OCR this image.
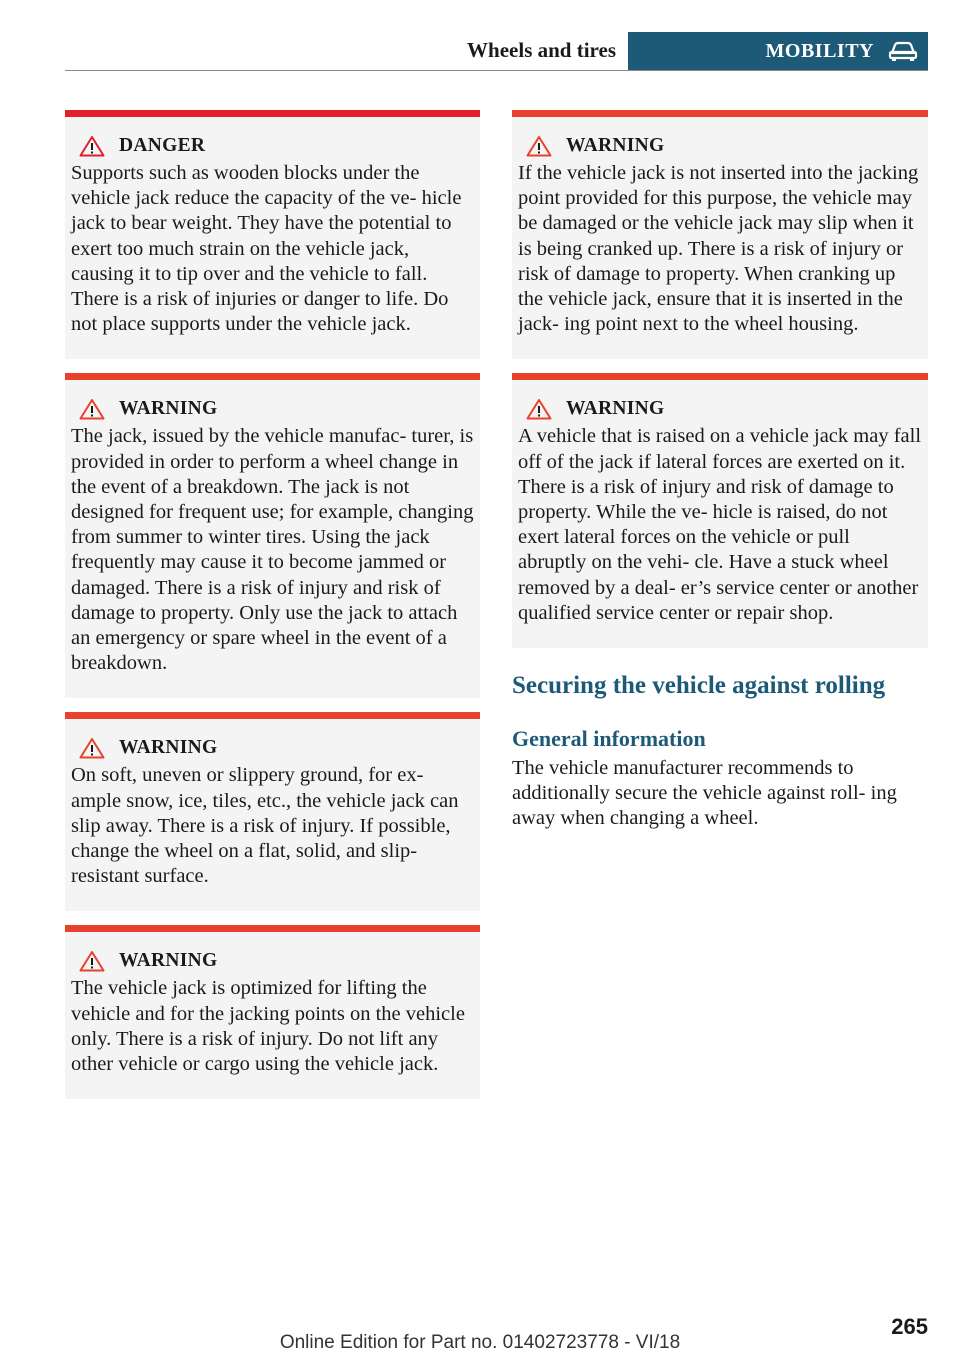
Wheels and tires	MOBILITY
DANGER

Supports such as wooden blocks under the vehicle jack reduce the capacity of the ve‐ hicle jack to bear weight. They have the potential to exert too much strain on the vehicle jack, causing it to tip over and the vehicle to fall. There is a risk of injuries or danger to life. Do not place supports under the vehicle jack.

WARNING

The jack, issued by the vehicle manufac‐ turer, is provided in order to perform a wheel change in the event of a breakdown. The jack is not designed for frequent use; for example, changing from summer to winter tires. Using the jack frequently may cause it to become jammed or damaged. There is a risk of injury and risk of damage to property. Only use the jack to attach an emergency or spare wheel in the event of a breakdown.

WARNING

On soft, uneven or slippery ground, for ex‐ ample snow, ice, tiles, etc., the vehicle jack can slip away. There is a risk of injury. If possible, change the wheel on a flat, solid, and slip-resistant surface.

WARNING

The vehicle jack is optimized for lifting the vehicle and for the jacking points on the vehicle only. There is a risk of injury. Do not lift any other vehicle or cargo using the vehicle jack.

WARNING

If the vehicle jack is not inserted into the jacking point provided for this purpose, the vehicle may be damaged or the vehicle jack may slip when it is being cranked up. There is a risk of injury or risk of damage to property. When cranking up the vehicle jack, ensure that it is inserted in the jack‐ ing point next to the wheel housing.

WARNING

A vehicle that is raised on a vehicle jack may fall off of the jack if lateral forces are exerted on it. There is a risk of injury and risk of damage to property. While the ve‐ hicle is raised, do not exert lateral forces on the vehicle or pull abruptly on the vehi‐ cle. Have a stuck wheel removed by a deal‐ er’s service center or another qualified service center or repair shop.

Securing the vehicle against rolling
General information

The vehicle manufacturer recommends to additionally secure the vehicle against roll‐ ing away when changing a wheel.

265
Online Edition for Part no. 01402723778 - VI/18
